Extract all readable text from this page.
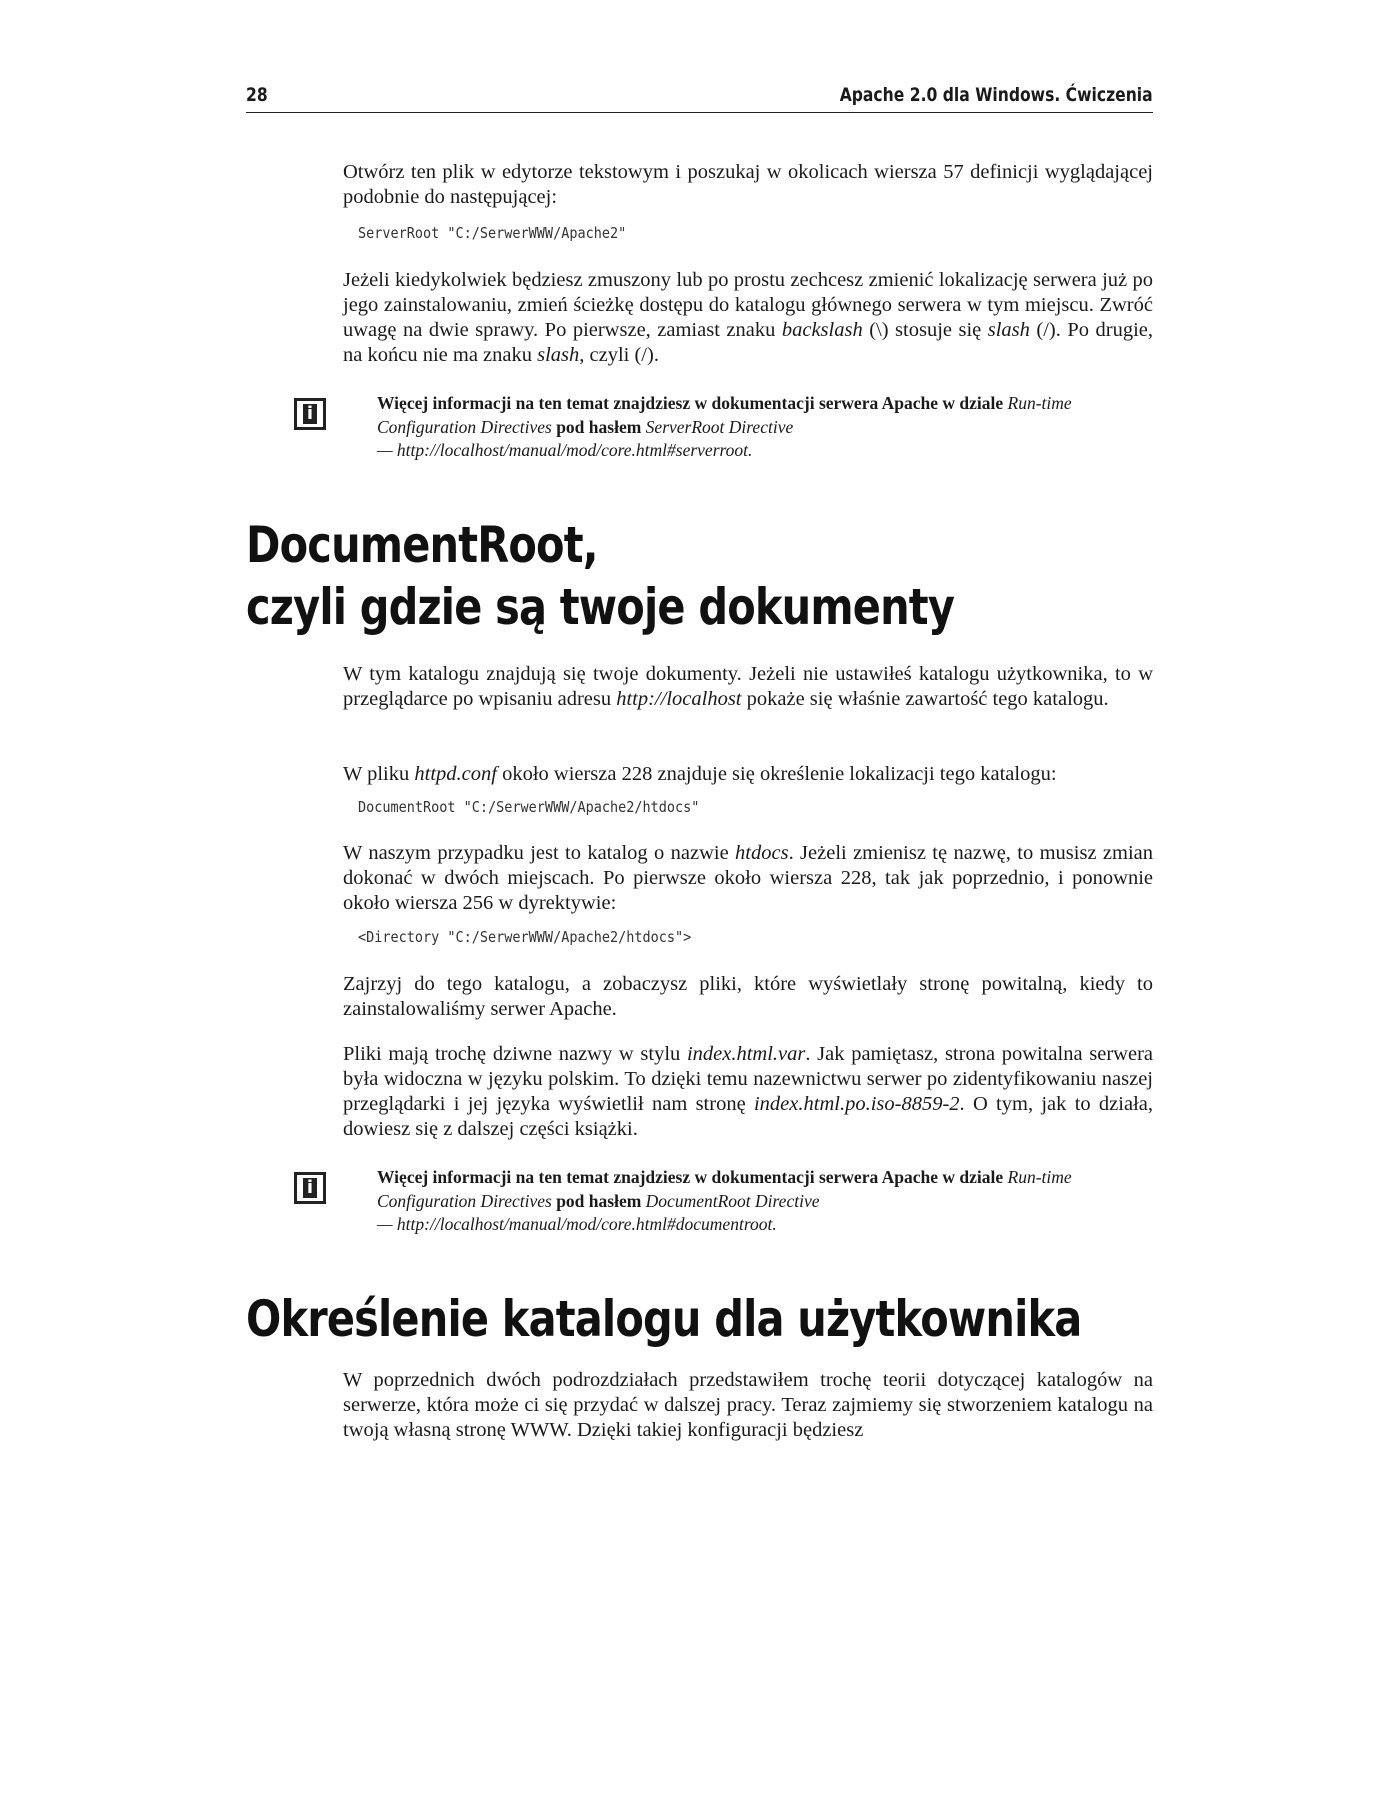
28	Apache 2.0 dla Windows. Ćwiczenia

Otwórz ten plik w edytorze tekstowym i poszukaj w okolicach wiersza 57 definicji wyglądającej podobnie do następującej:

ServerRoot "C:/SerwerWWW/Apache2"

Jeżeli kiedykolwiek będziesz zmuszony lub po prostu zechcesz zmienić lokalizację serwera już po jego zainstalowaniu, zmień ścieżkę dostępu do katalogu głównego serwera w tym miejscu. Zwróć uwagę na dwie sprawy. Po pierwsze, zamiast znaku backslash (\) stosuje się slash (/). Po drugie, na końcu nie ma znaku slash, czyli (/).

i	Więcej informacji na ten temat znajdziesz w dokumentacji serwera Apache w dziale Run-time Configuration Directives pod hasłem ServerRoot Directive
— http://localhost/manual/mod/core.html#serverroot.

DocumentRoot,
czyli gdzie są twoje dokumenty

W tym katalogu znajdują się twoje dokumenty. Jeżeli nie ustawiłeś katalogu użytkownika, to w przeglądarce po wpisaniu adresu http://localhost pokaże się właśnie zawartość tego katalogu.

W pliku httpd.conf około wiersza 228 znajduje się określenie lokalizacji tego katalogu:

DocumentRoot "C:/SerwerWWW/Apache2/htdocs"

W naszym przypadku jest to katalog o nazwie htdocs. Jeżeli zmienisz tę nazwę, to musisz zmian dokonać w dwóch miejscach. Po pierwsze około wiersza 228, tak jak poprzednio, i ponownie około wiersza 256 w dyrektywie:

<Directory "C:/SerwerWWW/Apache2/htdocs">

Zajrzyj do tego katalogu, a zobaczysz pliki, które wyświetlały stronę powitalną, kiedy to zainstalowaliśmy serwer Apache.

Pliki mają trochę dziwne nazwy w stylu index.html.var. Jak pamiętasz, strona powitalna serwera była widoczna w języku polskim. To dzięki temu nazewnictwu serwer po zidentyfikowaniu naszej przeglądarki i jej języka wyświetlił nam stronę index.html.po.iso-8859-2. O tym, jak to działa, dowiesz się z dalszej części książki.

i	Więcej informacji na ten temat znajdziesz w dokumentacji serwera Apache w dziale Run-time Configuration Directives pod hasłem DocumentRoot Directive
— http://localhost/manual/mod/core.html#documentroot.

Określenie katalogu dla użytkownika

W poprzednich dwóch podrozdziałach przedstawiłem trochę teorii dotyczącej katalogów na serwerze, która może ci się przydać w dalszej pracy. Teraz zajmiemy się stworzeniem katalogu na twoją własną stronę WWW. Dzięki takiej konfiguracji będziesz
